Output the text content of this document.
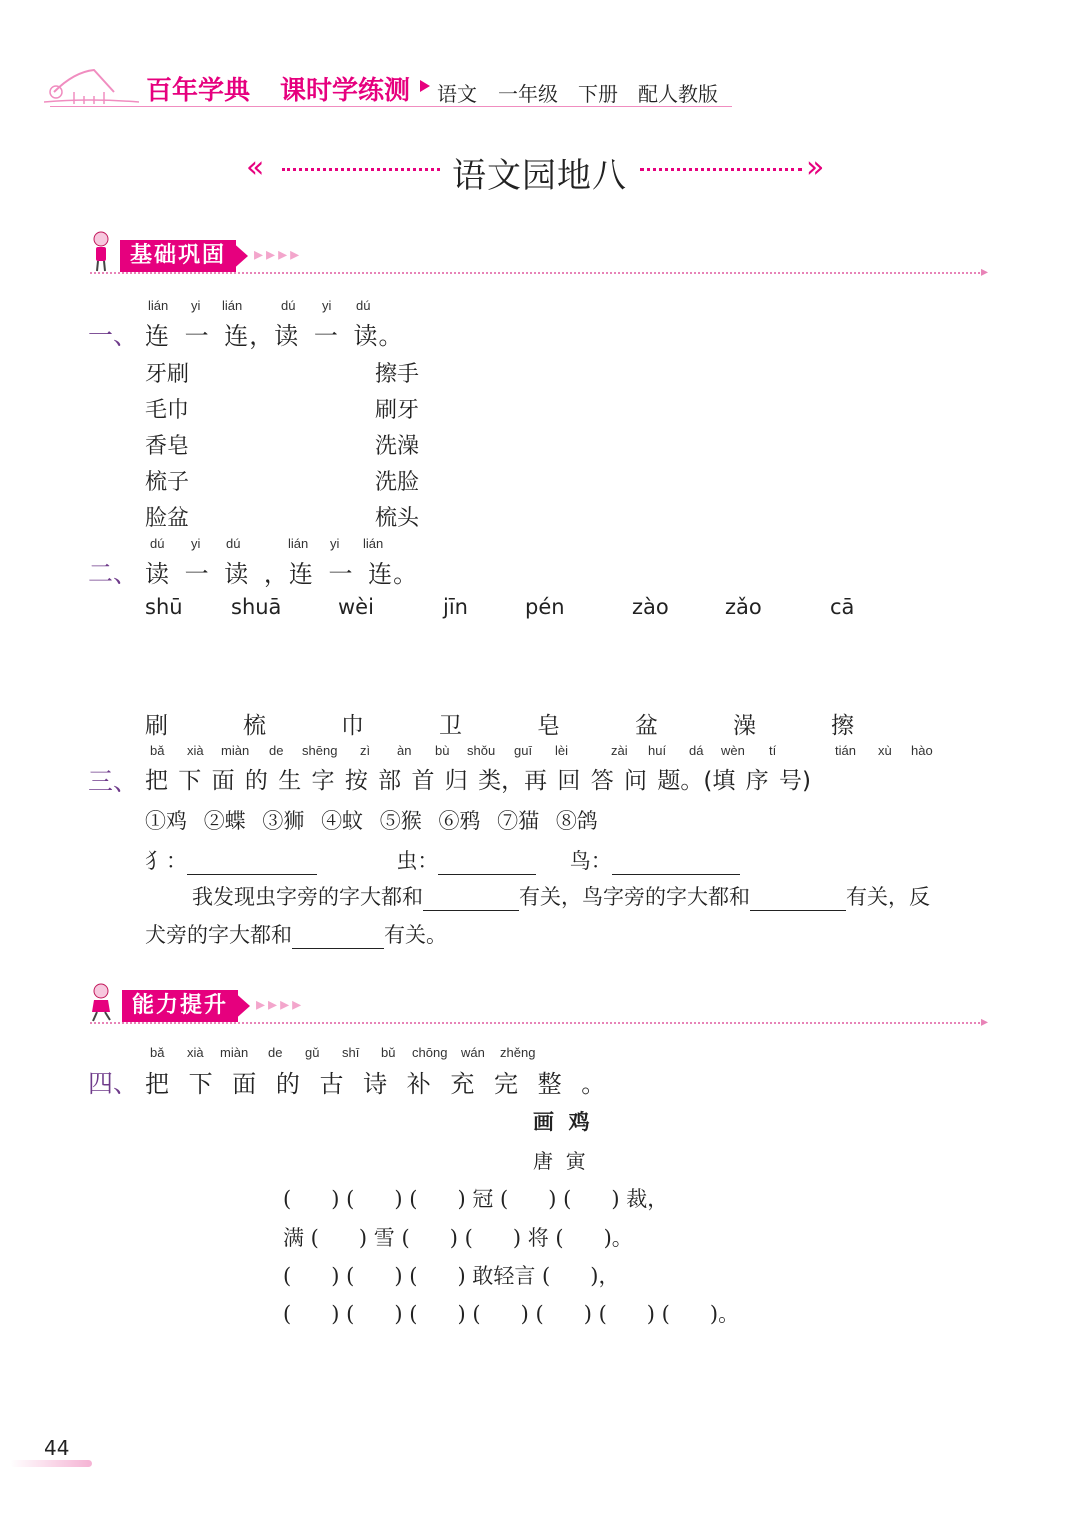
百年学典 课时学练测 语文 一年级 下册 配人教版
«	语文园地八	»
基础巩固	▸▸▸▸
▸
lián yi lián	dú yi dú
一、 连 一 连，读 一 读。
牙刷
毛巾
香皂
梳子
脸盆
擦手
刷牙
洗澡
洗脸
梳头
dú yi dú	lián yi lián
二、 读 一 读 ，连 一 连。
shū shuā	wèi	jīn	pén	zào	zǎo	cā
刷	梳	巾	卫	皂	盆	澡	擦
bǎ xià miàn de shēng zì àn bù shǒu guī lèi	zài huí dá wèn tí	tián xù hào
三、 把 下 面 的 生 字 按 部 首 归 类，再 回 答 问 题。(填 序 号)
①鸡 ②蝶 ③狮 ④蚊 ⑤猴 ⑥鸦 ⑦猫 ⑧鸽
犭：	虫：	鸟：
我发现虫字旁的字大都和	有关，鸟字旁的字大都和	有关，反
犬旁的字大都和	有关。
能力提升	▸▸▸▸
▸
bǎ xià miàn de gǔ shī bǔ chōng wán zhěng
四、 把 下 面 的 古 诗 补 充 完 整 。
画  鸡
唐  寅
(      ) (      ) (      ) 冠 (      ) (      ) 裁，
满 (      ) 雪 (      ) (      ) 将 (      )。
(      ) (      ) (      ) 敢轻言 (      )，
(      ) (      ) (      ) (      ) (      ) (      ) (      )。
44
